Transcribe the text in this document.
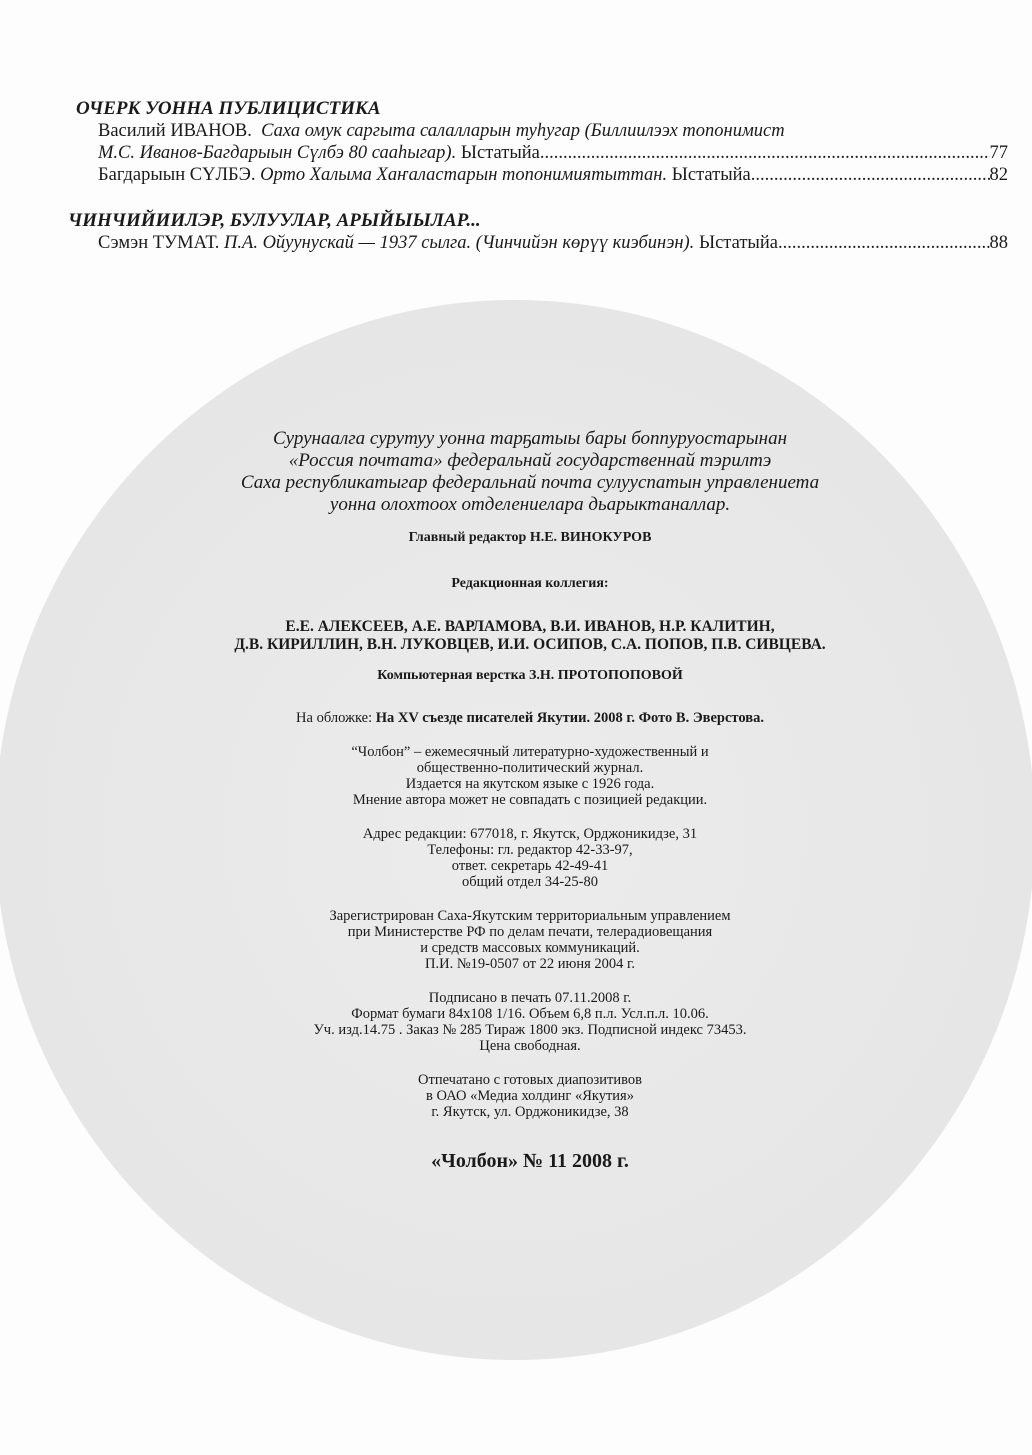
ОЧЕРК УОННА ПУБЛИЦИСТИКА
Василий ИВАНОВ. Саха омук саргыта салалларын туһугар (Биллиилээх топонимист
М.С. Иванов-Багдарыын Сүлбэ 80 сааһыгар). Ыстатыйа .....	77
Багдарыын СҮЛБЭ. Орто Халыма Хаҥаластарын топонимиятыттан. Ыстатыйа .....	82
ЧИНЧИЙИИЛЭР, БУЛУУЛАР, АРЫЙЫЫЛАР...
Сэмэн ТУМАТ. П.А. Ойуунускай — 1937 сылга. (Чинчийэн көрүү киэбинэн). Ыстатыйа .....	88
Сурунаалга сурутуу уонна тарҕатыы бары боппуруостарынан
«Россия почтата» федеральнай государственнай тэрилтэ
Саха республикатыгар федеральнай почта сулууспатын управлениета
уонна олохтоох отделениелара дьарыктаналлар.
Главный редактор Н.Е. ВИНОКУРОВ
Редакционная коллегия:
Е.Е. АЛЕКСЕЕВ, А.Е. ВАРЛАМОВА, В.И. ИВАНОВ, Н.Р. КАЛИТИН,
Д.В. КИРИЛЛИН, В.Н. ЛУКОВЦЕВ, И.И. ОСИПОВ, С.А. ПОПОВ, П.В. СИВЦЕВА.
Компьютерная верстка З.Н. ПРОТОПОПОВОЙ
На обложке: На XV съезде писателей Якутии. 2008 г. Фото В. Эверстова.
“Чолбон” – ежемесячный литературно-художественный и
общественно-политический журнал.
Издается на якутском языке с 1926 года.
Мнение автора может не совпадать с позицией редакции.
Адрес редакции: 677018, г. Якутск, Орджоникидзе, 31
Телефоны: гл. редактор 42-33-97,
ответ. секретарь 42-49-41
общий отдел 34-25-80
Зарегистрирован Саха-Якутским территориальным управлением
при Министерстве РФ по делам печати, телерадиовещания
и средств массовых коммуникаций.
П.И. №19-0507 от 22 июня 2004 г.
Подписано в печать 07.11.2008 г.
Формат бумаги 84x108 1/16. Объем 6,8 п.л. Усл.п.л. 10.06.
Уч. изд.14.75 . Заказ № 285 Тираж 1800 экз. Подписной индекс 73453.
Цена свободная.
Отпечатано с готовых диапозитивов
в ОАО «Медиа холдинг «Якутия»
г. Якутск, ул. Орджоникидзе, 38
«Чолбон» № 11 2008 г.
